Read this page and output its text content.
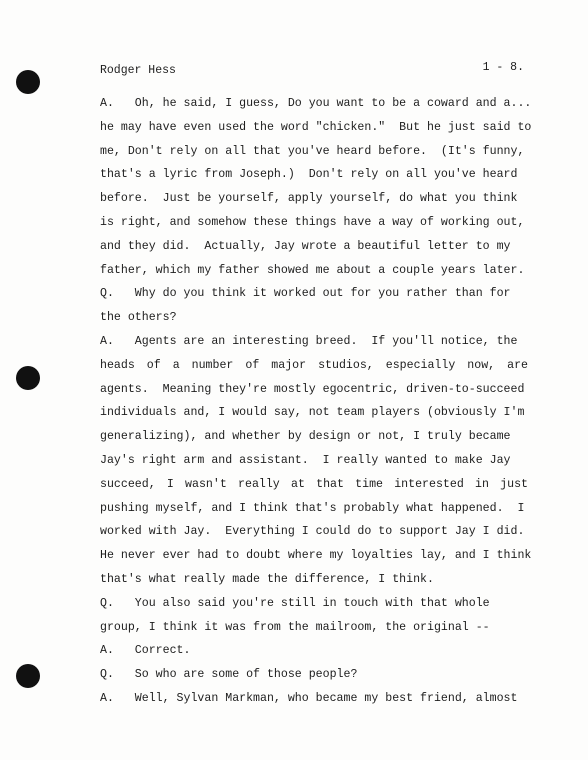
Rodger Hess	1 - 8.
A.   Oh, he said, I guess, Do you want to be a coward and a...
he may have even used the word "chicken."  But he just said to
me, Don't rely on all that you've heard before.  (It's funny,
that's a lyric from Joseph.)  Don't rely on all you've heard
before.  Just be yourself, apply yourself, do what you think
is right, and somehow these things have a way of working out,
and they did.  Actually, Jay wrote a beautiful letter to my
father, which my father showed me about a couple years later.
Q.   Why do you think it worked out for you rather than for
the others?
A.   Agents are an interesting breed.  If you'll notice, the
heads of a number of major studios, especially now, are
agents.  Meaning they're mostly egocentric, driven-to-succeed
individuals and, I would say, not team players (obviously I'm
generalizing), and whether by design or not, I truly became
Jay's right arm and assistant.  I really wanted to make Jay
succeed, I wasn't really at that time interested in just
pushing myself, and I think that's probably what happened.  I
worked with Jay.  Everything I could do to support Jay I did.
He never ever had to doubt where my loyalties lay, and I think
that's what really made the difference, I think.
Q.   You also said you're still in touch with that whole
group, I think it was from the mailroom, the original --
A.   Correct.
Q.   So who are some of those people?
A.   Well, Sylvan Markman, who became my best friend, almost
